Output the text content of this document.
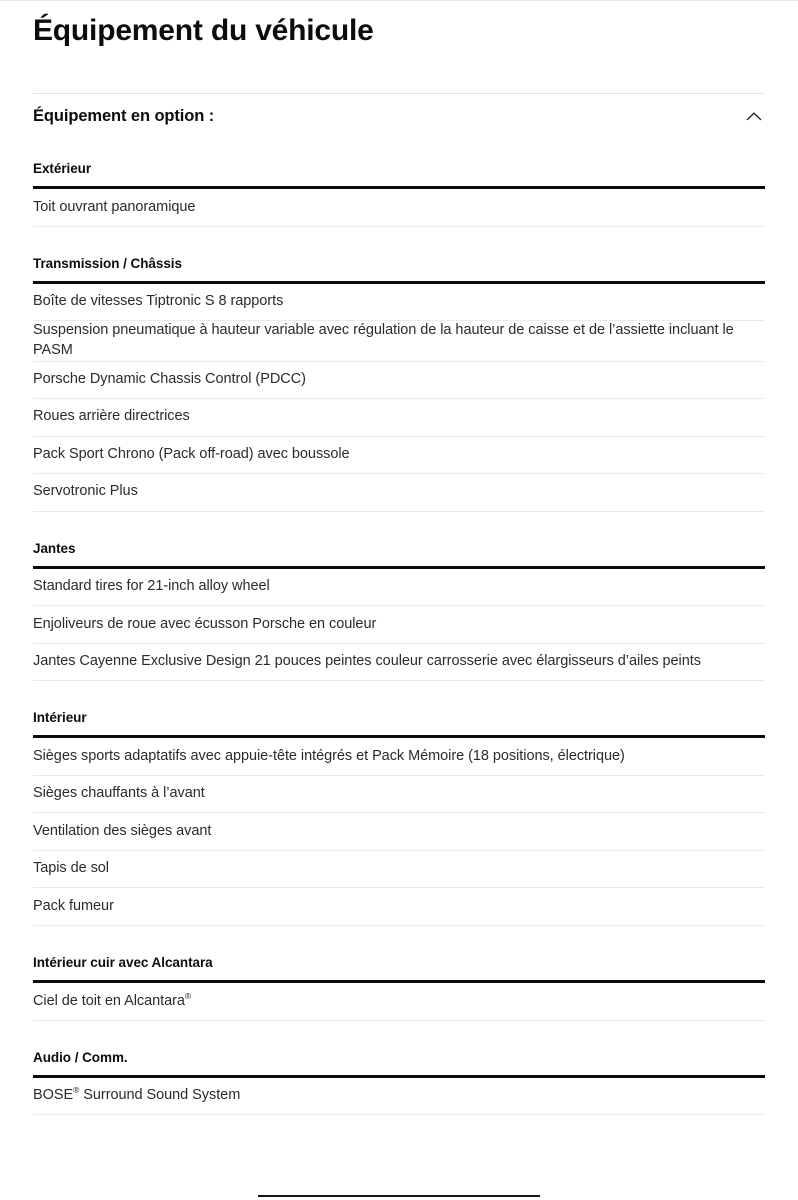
Équipement du véhicule
Équipement en option :
Extérieur
Toit ouvrant panoramique
Transmission / Châssis
Boîte de vitesses Tiptronic S 8 rapports
Suspension pneumatique à hauteur variable avec régulation de la hauteur de caisse et de l’assiette incluant le PASM
Porsche Dynamic Chassis Control (PDCC)
Roues arrière directrices
Pack Sport Chrono (Pack off-road) avec boussole
Servotronic Plus
Jantes
Standard tires for 21-inch alloy wheel
Enjoliveurs de roue avec écusson Porsche en couleur
Jantes Cayenne Exclusive Design 21 pouces peintes couleur carrosserie avec élargisseurs d’ailes peints
Intérieur
Sièges sports adaptatifs avec appuie-tête intégrés et Pack Mémoire (18 positions, électrique)
Sièges chauffants à l’avant
Ventilation des sièges avant
Tapis de sol
Pack fumeur
Intérieur cuir avec Alcantara
Ciel de toit en Alcantara®
Audio / Comm.
BOSE® Surround Sound System
